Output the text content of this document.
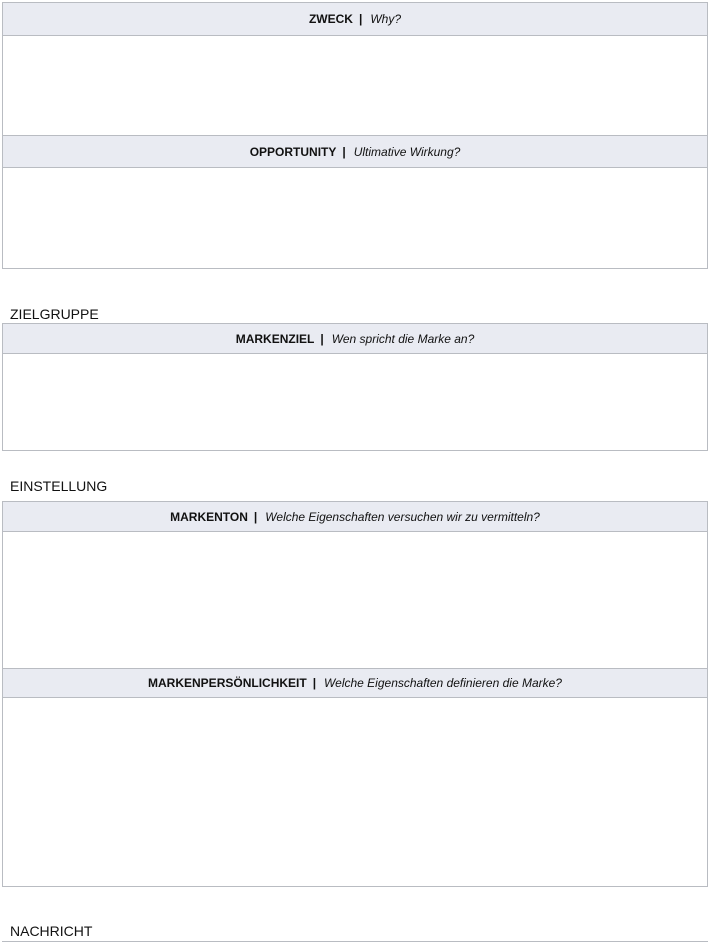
ZWECK | Why?
OPPORTUNITY | Ultimative Wirkung?
ZIELGRUPPE
MARKENZIEL | Wen spricht die Marke an?
EINSTELLUNG
MARKENTON | Welche Eigenschaften versuchen wir zu vermitteln?
MARKENPERSÖNLICHKEIT | Welche Eigenschaften definieren die Marke?
NACHRICHT
